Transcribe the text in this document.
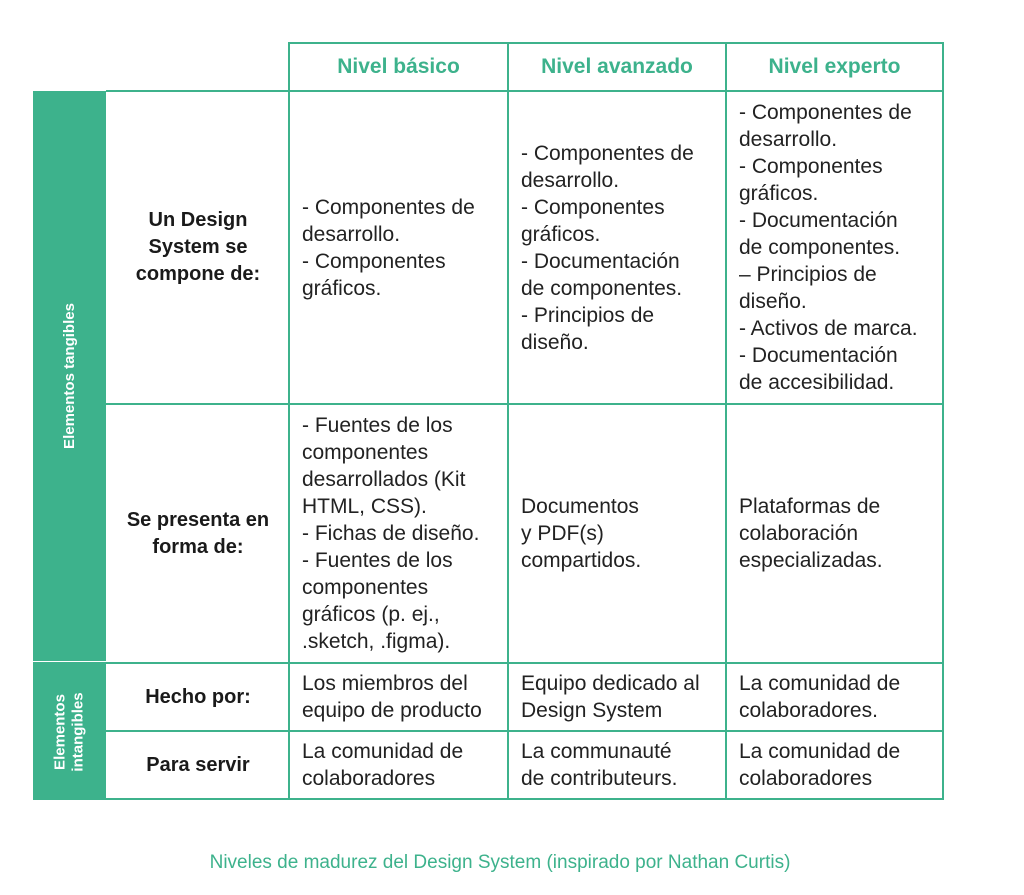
Elementos tangibles
Elementos
intangibles
Nivel básico	Nivel avanzado	Nivel experto
Un Design
System se
compone de:
- Componentes de
desarrollo.
- Componentes
gráficos.
- Componentes de
desarrollo.
- Componentes
gráficos.
- Documentación
de componentes.
- Principios de
diseño.
- Componentes de
desarrollo.
- Componentes
gráficos.
- Documentación
de componentes.
– Principios de
diseño.
- Activos de marca.
- Documentación
de accesibilidad.
Se presenta en
forma de:
- Fuentes de los
componentes
desarrollados (Kit
HTML, CSS).
- Fichas de diseño.
- Fuentes de los
componentes
gráficos (p. ej.,
.sketch, .figma).
Documentos
y PDF(s)
compartidos.
Plataformas de
colaboración
especializadas.
Hecho por:
Los miembros del
equipo de producto
Equipo dedicado al
Design System
La comunidad de
colaboradores.
Para servir
La comunidad de
colaboradores
La communauté
de contributeurs.
La comunidad de
colaboradores
Niveles de madurez del Design System (inspirado por Nathan Curtis)
